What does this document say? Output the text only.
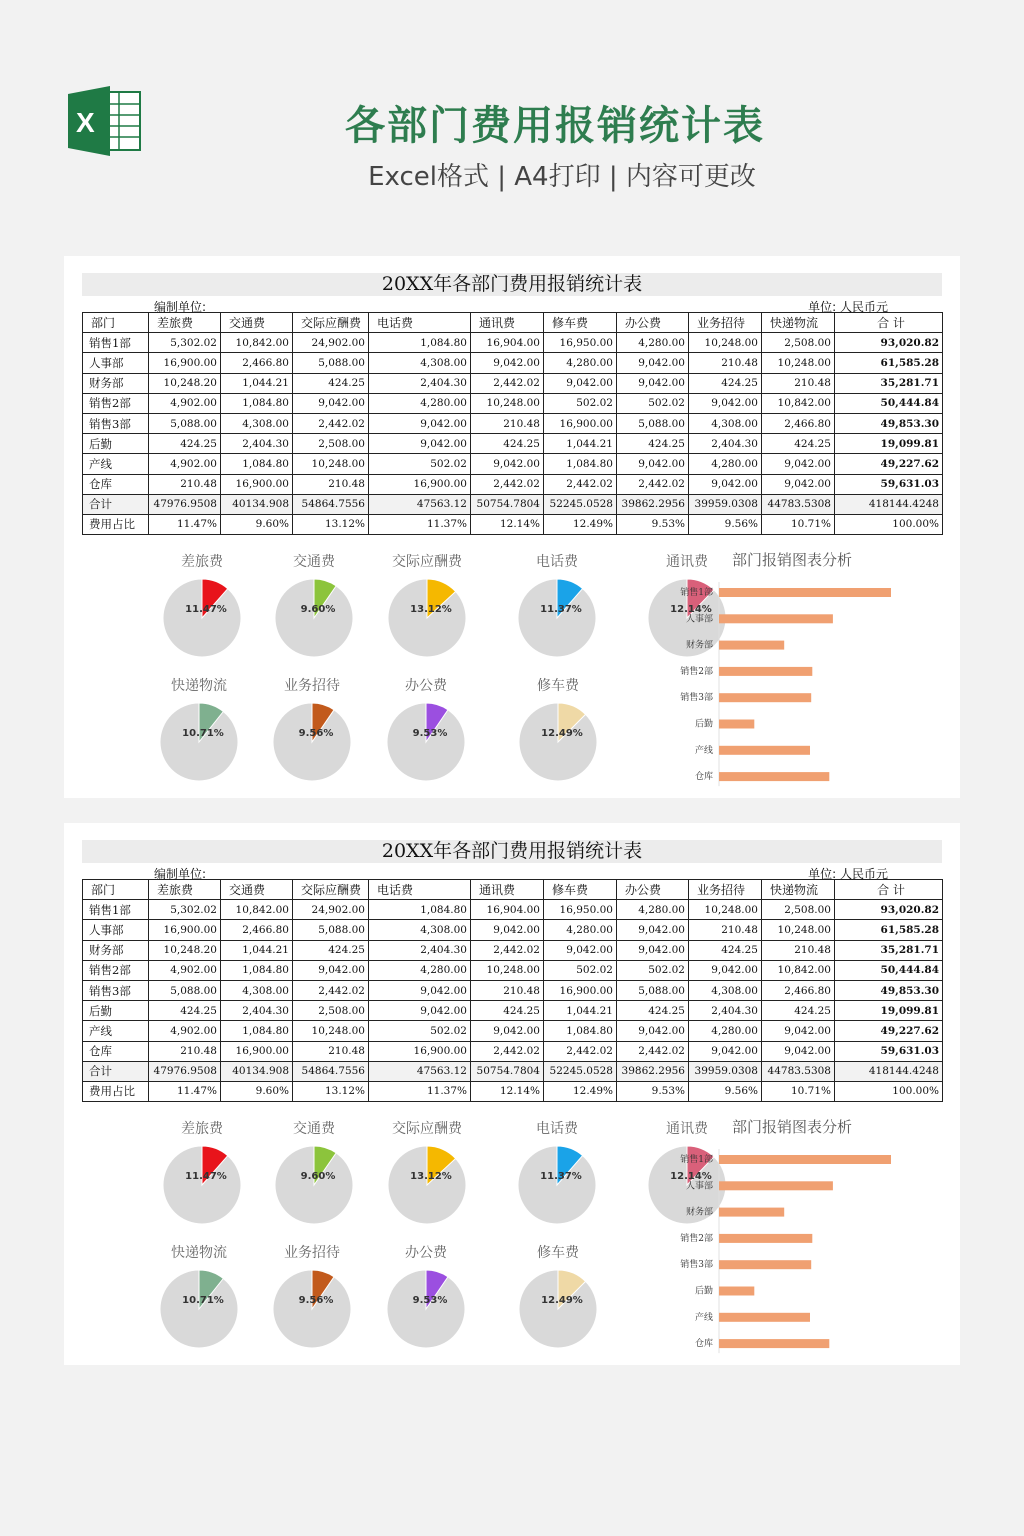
X	各部门费用报销统计表
Excel格式 | A4打印 | 内容可更改
20XX年各部门费用报销统计表
编制单位:	单位: 人民币元
部门	差旅费	交通费	交际应酬费	电话费	通讯费	修车费	办公费	业务招待	快递物流	合 计
销售1部	5,302.02	10,842.00	24,902.00	1,084.80	16,904.00	16,950.00	4,280.00	10,248.00	2,508.00	93,020.82
人事部	16,900.00	2,466.80	5,088.00	4,308.00	9,042.00	4,280.00	9,042.00	210.48	10,248.00	61,585.28
财务部	10,248.20	1,044.21	424.25	2,404.30	2,442.02	9,042.00	9,042.00	424.25	210.48	35,281.71
销售2部	4,902.00	1,084.80	9,042.00	4,280.00	10,248.00	502.02	502.02	9,042.00	10,842.00	50,444.84
销售3部	5,088.00	4,308.00	2,442.02	9,042.00	210.48	16,900.00	5,088.00	4,308.00	2,466.80	49,853.30
后勤	424.25	2,404.30	2,508.00	9,042.00	424.25	1,044.21	424.25	2,404.30	424.25	19,099.81
产线	4,902.00	1,084.80	10,248.00	502.02	9,042.00	1,084.80	9,042.00	4,280.00	9,042.00	49,227.62
仓库	210.48	16,900.00	210.48	16,900.00	2,442.02	2,442.02	2,442.02	9,042.00	9,042.00	59,631.03
合计	47976.9508	40134.908	54864.7556	47563.12	50754.7804	52245.0528	39862.2956	39959.0308	44783.5308	418144.4248
费用占比	11.47%	9.60%	13.12%	11.37%	12.14%	12.49%	9.53%	9.56%	10.71%	100.00%
差旅费
11.47%
交通费
9.60%
交际应酬费
13.12%
电话费
11.37%
通讯费
12.14%
快递物流
10.71%
业务招待
9.56%
办公费
9.53%
修车费
12.49%
部门报销图表分析
销售1部
人事部
财务部
销售2部
销售3部
后勤
产线
仓库
20XX年各部门费用报销统计表
编制单位:	单位: 人民币元
部门	差旅费	交通费	交际应酬费	电话费	通讯费	修车费	办公费	业务招待	快递物流	合 计
销售1部	5,302.02	10,842.00	24,902.00	1,084.80	16,904.00	16,950.00	4,280.00	10,248.00	2,508.00	93,020.82
人事部	16,900.00	2,466.80	5,088.00	4,308.00	9,042.00	4,280.00	9,042.00	210.48	10,248.00	61,585.28
财务部	10,248.20	1,044.21	424.25	2,404.30	2,442.02	9,042.00	9,042.00	424.25	210.48	35,281.71
销售2部	4,902.00	1,084.80	9,042.00	4,280.00	10,248.00	502.02	502.02	9,042.00	10,842.00	50,444.84
销售3部	5,088.00	4,308.00	2,442.02	9,042.00	210.48	16,900.00	5,088.00	4,308.00	2,466.80	49,853.30
后勤	424.25	2,404.30	2,508.00	9,042.00	424.25	1,044.21	424.25	2,404.30	424.25	19,099.81
产线	4,902.00	1,084.80	10,248.00	502.02	9,042.00	1,084.80	9,042.00	4,280.00	9,042.00	49,227.62
仓库	210.48	16,900.00	210.48	16,900.00	2,442.02	2,442.02	2,442.02	9,042.00	9,042.00	59,631.03
合计	47976.9508	40134.908	54864.7556	47563.12	50754.7804	52245.0528	39862.2956	39959.0308	44783.5308	418144.4248
费用占比	11.47%	9.60%	13.12%	11.37%	12.14%	12.49%	9.53%	9.56%	10.71%	100.00%
差旅费
11.47%
交通费
9.60%
交际应酬费
13.12%
电话费
11.37%
通讯费
12.14%
快递物流
10.71%
业务招待
9.56%
办公费
9.53%
修车费
12.49%
部门报销图表分析
销售1部
人事部
财务部
销售2部
销售3部
后勤
产线
仓库
